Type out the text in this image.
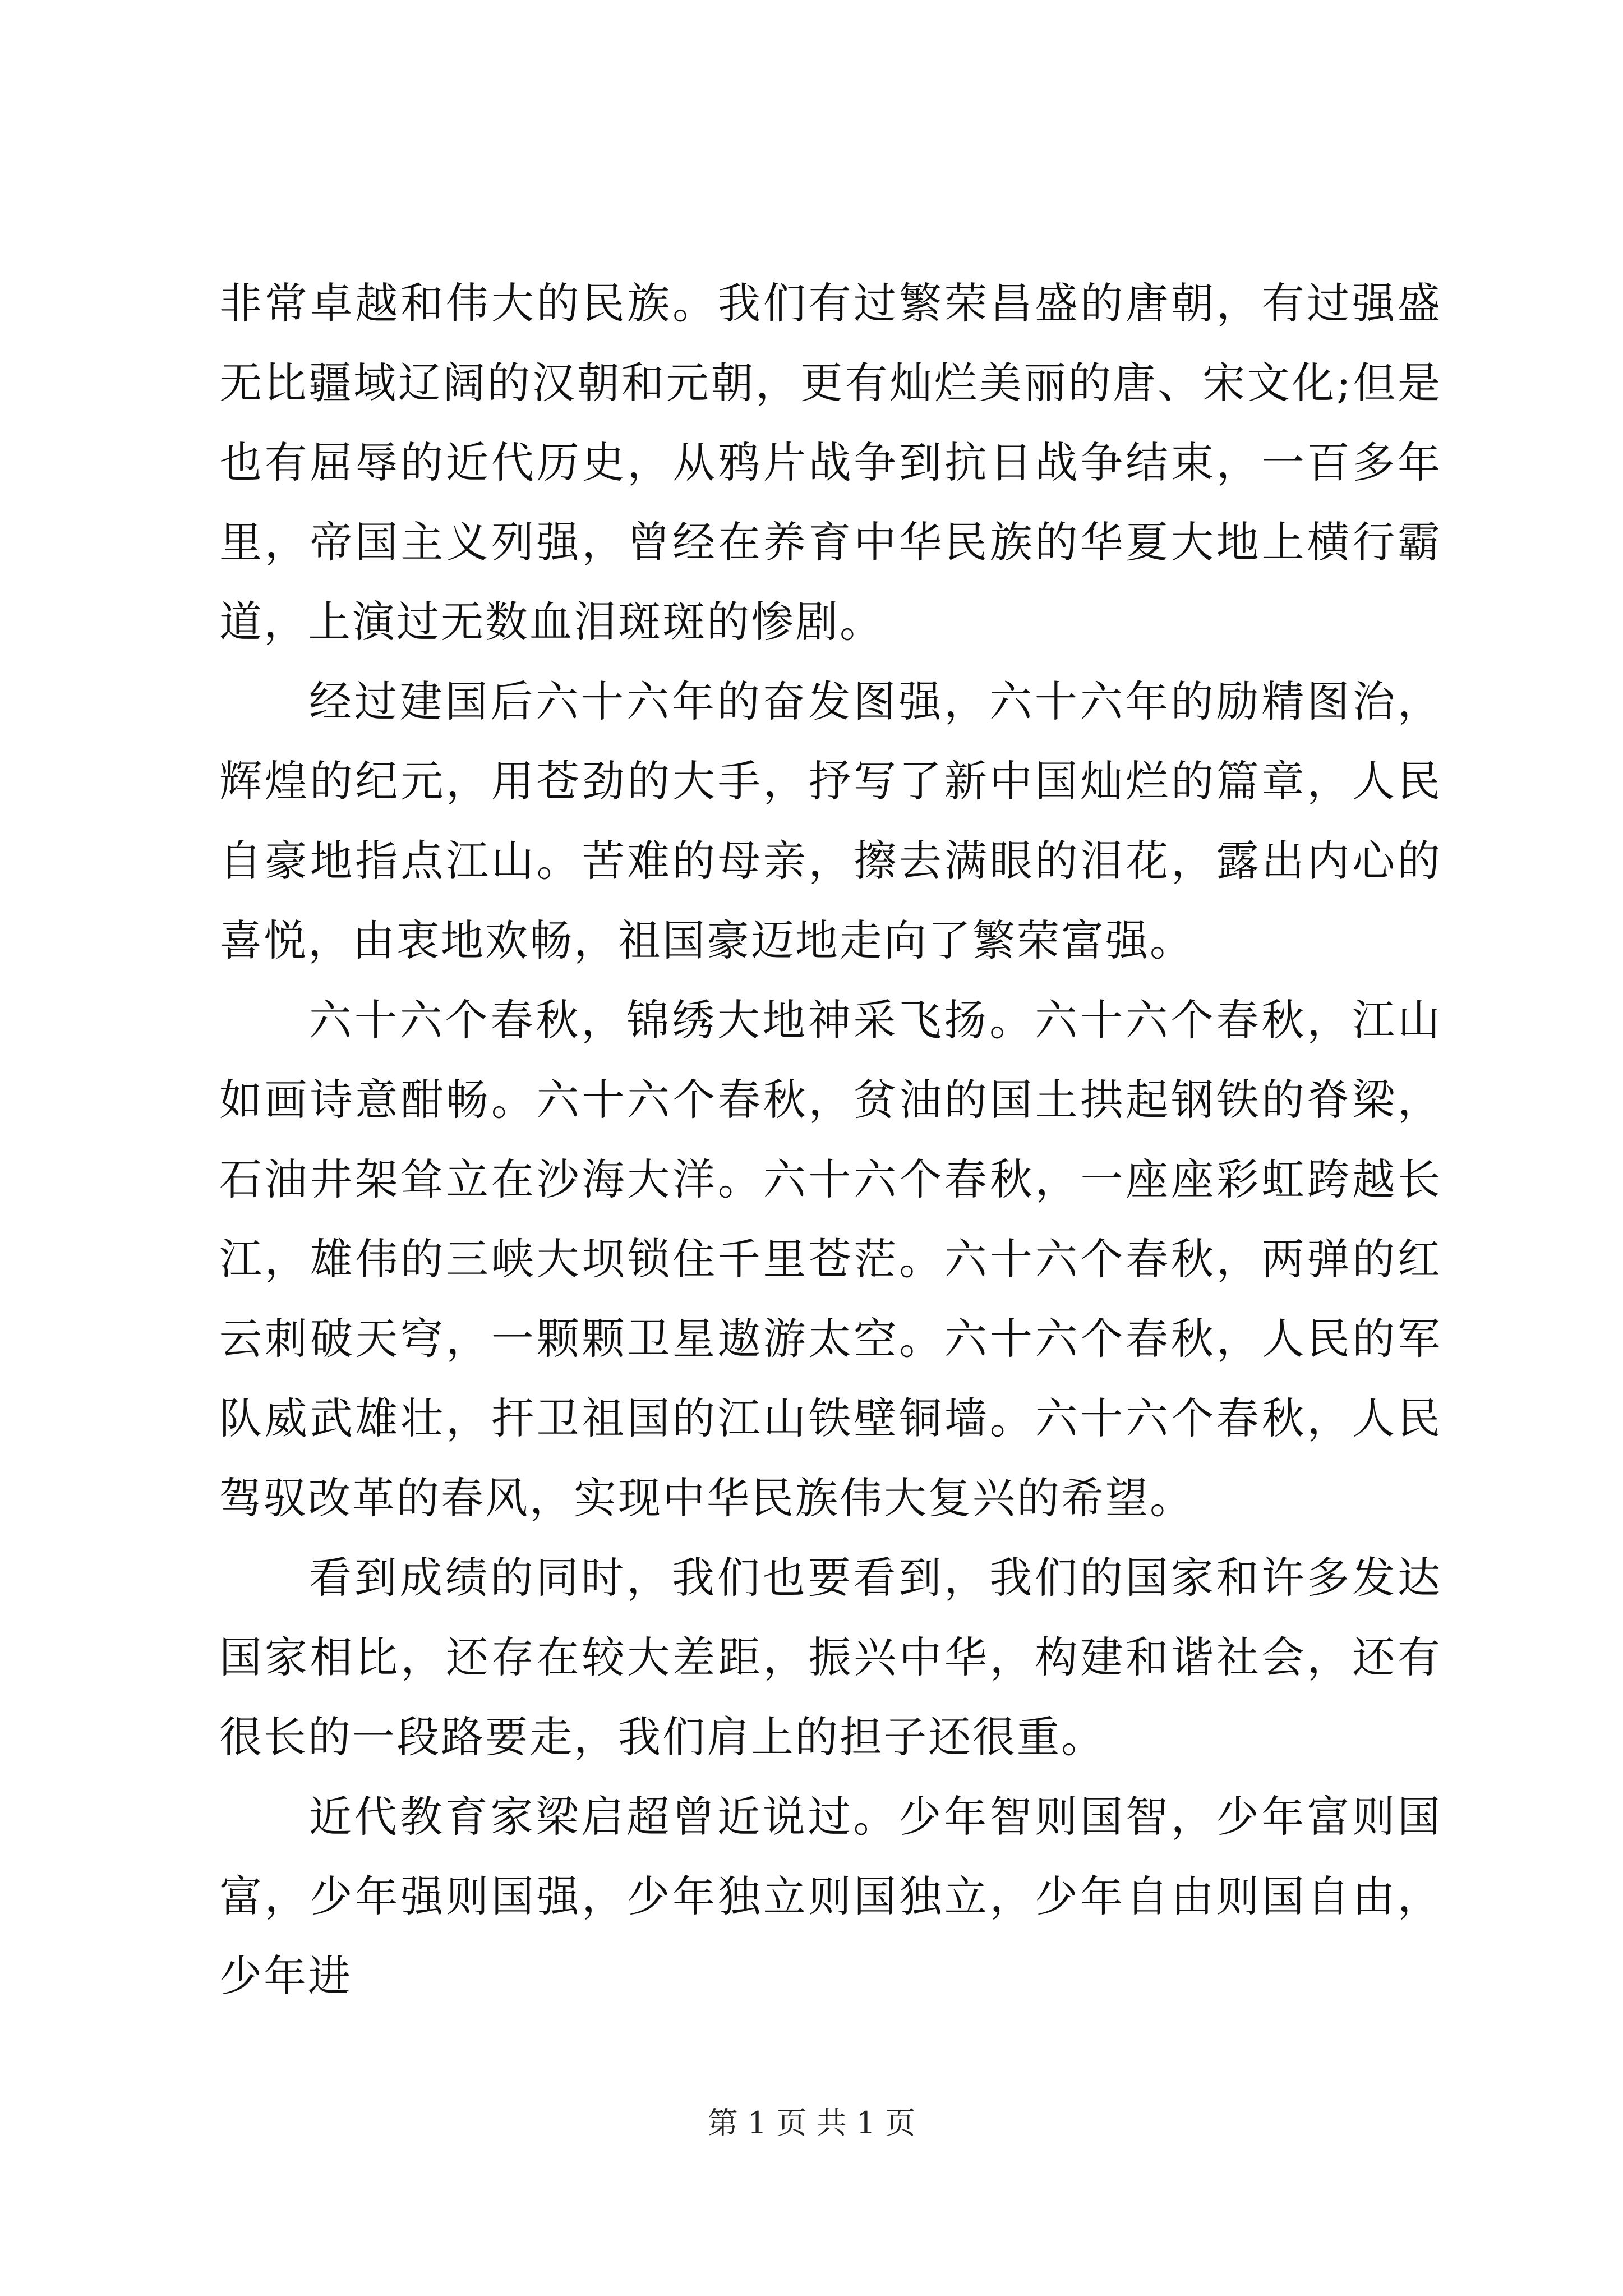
非常卓越和伟大的民族。我们有过繁荣昌盛的唐朝，有过强盛无比疆域辽阔的汉朝和元朝，更有灿烂美丽的唐、宋文化;但是也有屈辱的近代历史，从鸦片战争到抗日战争结束，一百多年里，帝国主义列强，曾经在养育中华民族的华夏大地上横行霸道，上演过无数血泪斑斑的惨剧。

经过建国后六十六年的奋发图强，六十六年的励精图治，辉煌的纪元，用苍劲的大手，抒写了新中国灿烂的篇章，人民自豪地指点江山。苦难的母亲，擦去满眼的泪花，露出内心的喜悦，由衷地欢畅，祖国豪迈地走向了繁荣富强。

六十六个春秋，锦绣大地神采飞扬。六十六个春秋，江山如画诗意酣畅。六十六个春秋，贫油的国土拱起钢铁的脊梁，石油井架耸立在沙海大洋。六十六个春秋，一座座彩虹跨越长江，雄伟的三峡大坝锁住千里苍茫。六十六个春秋，两弹的红云刺破天穹，一颗颗卫星遨游太空。六十六个春秋，人民的军队威武雄壮，扞卫祖国的江山铁壁铜墙。六十六个春秋，人民驾驭改革的春风，实现中华民族伟大复兴的希望。

看到成绩的同时，我们也要看到，我们的国家和许多发达国家相比，还存在较大差距，振兴中华，构建和谐社会，还有很长的一段路要走，我们肩上的担子还很重。

近代教育家梁启超曾近说过。少年智则国智，少年富则国富，少年强则国强，少年独立则国独立，少年自由则国自由，少年进

第 1 页 共 1 页
